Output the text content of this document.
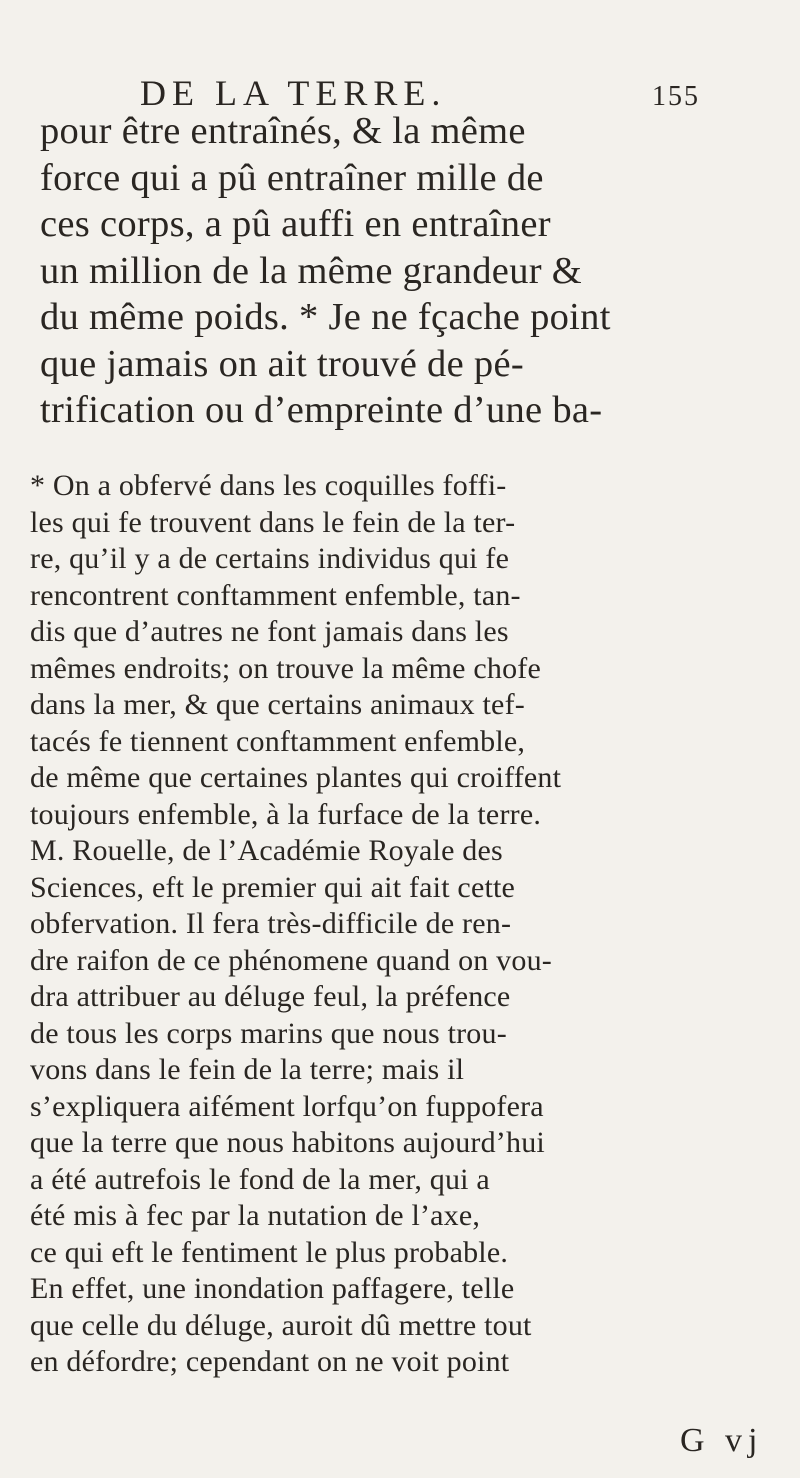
DE LA TERRE.	155
pour être entraînés, & la même
force qui a pû entraîner mille de
ces corps, a pû auffi en entraîner
un million de la même grandeur &
du même poids. * Je ne fçache point
que jamais on ait trouvé de pé-
trification ou d’empreinte d’une ba-
* On a obfervé dans les coquilles foffi-
les qui fe trouvent dans le fein de la ter-
re, qu’il y a de certains individus qui fe
rencontrent conftamment enfemble, tan-
dis que d’autres ne font jamais dans les
mêmes endroits; on trouve la même chofe
dans la mer, & que certains animaux tef-
tacés fe tiennent conftamment enfemble,
de même que certaines plantes qui croiffent
toujours enfemble, à la furface de la terre.
M. Rouelle, de l’Académie Royale des
Sciences, eft le premier qui ait fait cette
obfervation. Il fera très-difficile de ren-
dre raifon de ce phénomene quand on vou-
dra attribuer au déluge feul, la préfence
de tous les corps marins que nous trou-
vons dans le fein de la terre; mais il
s’expliquera aifément lorfqu’on fuppofera
que la terre que nous habitons aujourd’hui
a été autrefois le fond de la mer, qui a
été mis à fec par la nutation de l’axe,
ce qui eft le fentiment le plus probable.
En effet, une inondation paffagere, telle
que celle du déluge, auroit dû mettre tout
en défordre; cependant on ne voit point
G vj
